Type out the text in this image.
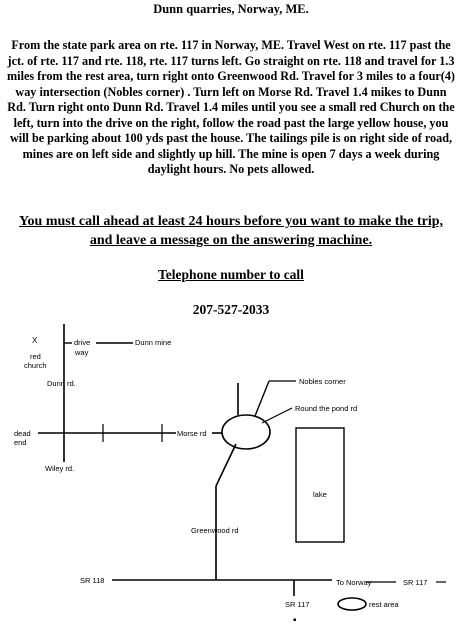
Dunn quarries, Norway, ME.

From the state park area on rte. 117 in Norway, ME. Travel West on rte. 117 past the jct. of rte. 117 and rte. 118, rte. 117 turns left. Go straight on rte. 118 and travel for 1.3 miles from the rest area, turn right onto Greenwood Rd. Travel for 3 miles to a four(4) way intersection (Nobles corner) . Turn left on Morse Rd. Travel 1.4 mikes to Dunn Rd. Turn right onto Dunn Rd. Travel 1.4 miles until you see a small red Church on the left, turn into the drive on the right, follow the road past the large yellow house, you will be parking about 100 yds past the house. The tailings pile is on right side of road, mines are on left side and slightly up hill. The mine is open 7 days a week during daylight hours. No pets allowed.

You must call ahead at least 24 hours before you want to make the trip, and leave a message on the answering machine.

Telephone number to call
207-527-2033
X
red
church
drive
way
Dunn mine
Dunn rd.
dead
end
Wiley rd.
Morse rd
Nobles corner
Round the pond rd
lake
Greenwood rd
SR 118	To Norway	SR 117
SR 117	rest area
